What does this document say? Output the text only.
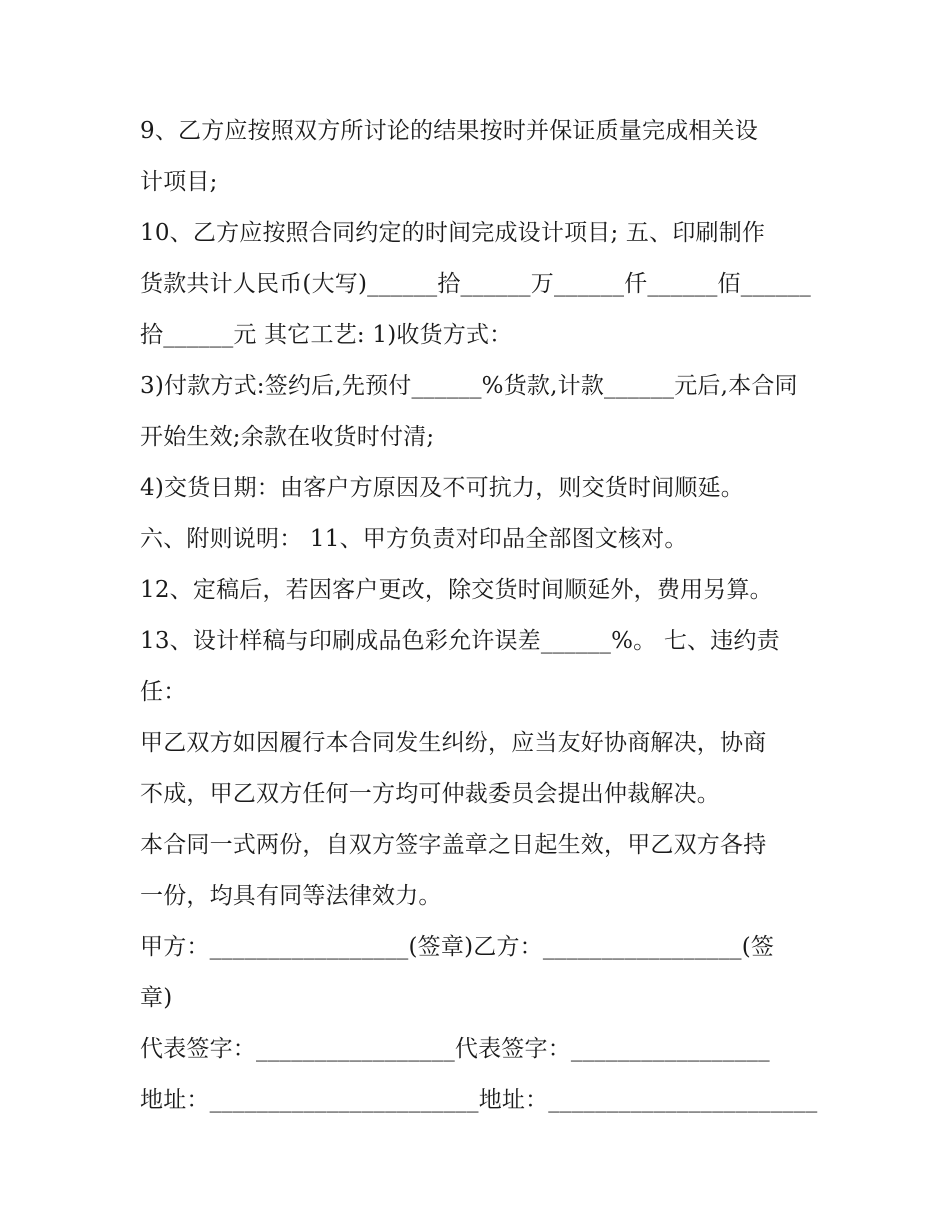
9、乙方应按照双方所讨论的结果按时并保证质量完成相关设
计项目;
10、乙方应按照合同约定的时间完成设计项目; 五、印刷制作
货款共计人民币(大写)______拾______万______仟______佰______
拾______元 其它工艺: 1)收货方式：
3)付款方式:签约后,先预付______%货款,计款______元后,本合同
开始生效;余款在收货时付清;
4)交货日期：由客户方原因及不可抗力，则交货时间顺延。
六、附则说明： 11、甲方负责对印品全部图文核对。
12、定稿后，若因客户更改，除交货时间顺延外，费用另算。
13、设计样稿与印刷成品色彩允许误差______%。 七、违约责
任：
甲乙双方如因履行本合同发生纠纷，应当友好协商解决，协商
不成，甲乙双方任何一方均可仲裁委员会提出仲裁解决。
本合同一式两份，自双方签字盖章之日起生效，甲乙双方各持
一份，均具有同等法律效力。
甲方：_________________(签章)乙方：_________________(签
章)
代表签字：_________________代表签字：_________________
地址：_______________________地址：_______________________
